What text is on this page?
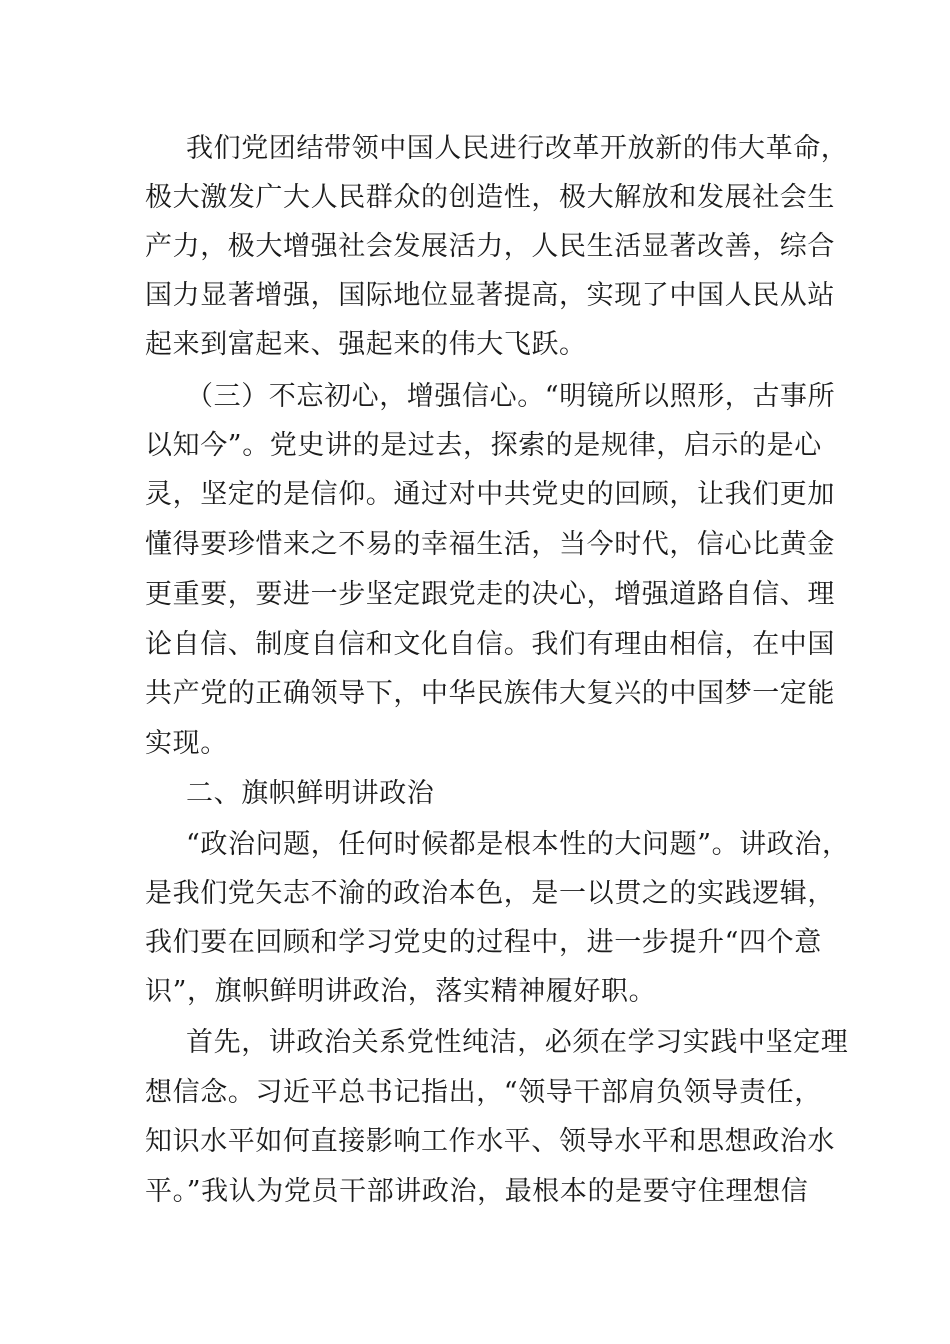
我们党团结带领中国人民进行改革开放新的伟大革命，
极大激发广大人民群众的创造性，极大解放和发展社会生
产力，极大增强社会发展活力，人民生活显著改善，综合
国力显著增强，国际地位显著提高，实现了中国人民从站
起来到富起来、强起来的伟大飞跃。
（三）不忘初心，增强信心。“明镜所以照形，古事所
以知今”。党史讲的是过去，探索的是规律，启示的是心
灵，坚定的是信仰。通过对中共党史的回顾，让我们更加
懂得要珍惜来之不易的幸福生活，当今时代，信心比黄金
更重要，要进一步坚定跟党走的决心，增强道路自信、理
论自信、制度自信和文化自信。我们有理由相信，在中国
共产党的正确领导下，中华民族伟大复兴的中国梦一定能
实现。
二、旗帜鲜明讲政治
“政治问题，任何时候都是根本性的大问题”。讲政治，
是我们党矢志不渝的政治本色，是一以贯之的实践逻辑，
我们要在回顾和学习党史的过程中，进一步提升“四个意
识”，旗帜鲜明讲政治，落实精神履好职。
首先，讲政治关系党性纯洁，必须在学习实践中坚定理
想信念。习近平总书记指出，“领导干部肩负领导责任，
知识水平如何直接影响工作水平、领导水平和思想政治水
平。”我认为党员干部讲政治，最根本的是要守住理想信
